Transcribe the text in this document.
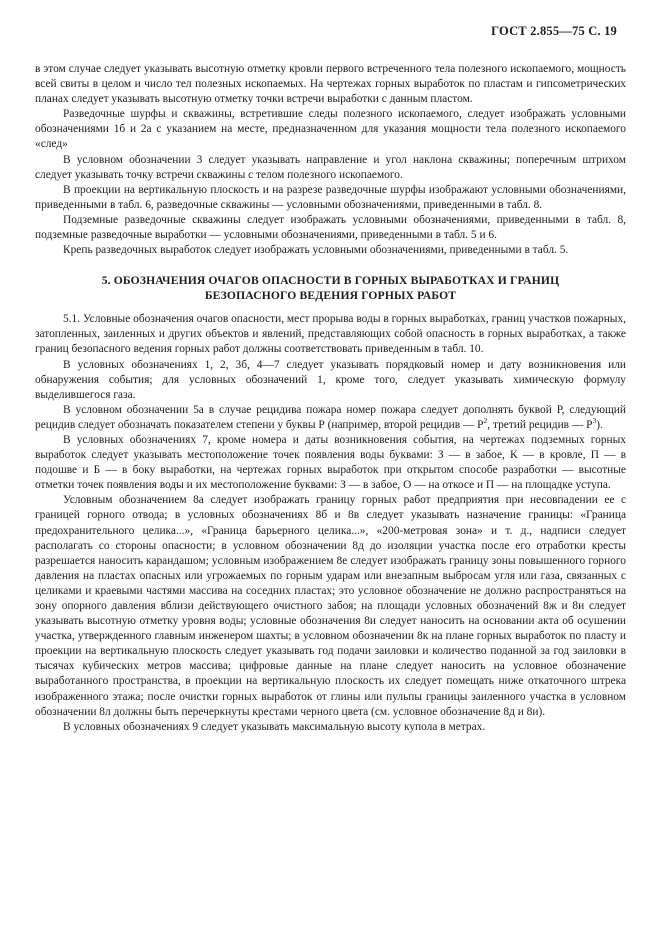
ГОСТ 2.855—75 С. 19

в этом случае следует указывать высотную отметку кровли первого встреченного тела полезного ископаемого, мощность всей свиты в целом и число тел полезных ископаемых. На чертежах горных выработок по пластам и гипсометрических планах следует указывать высотную отметку точки встречи выработки с данным пластом.

Разведочные шурфы и скважины, встретившие следы полезного ископаемого, следует изображать условными обозначениями 1б и 2а с указанием на месте, предназначенном для указания мощности тела полезного ископаемого «след»

В условном обозначении 3 следует указывать направление и угол наклона скважины; поперечным штрихом следует указывать точку встречи скважины с телом полезного ископаемого.

В проекции на вертикальную плоскость и на разрезе разведочные шурфы изображают условными обозначениями, приведенными в табл. 6, разведочные скважины — условными обозначениями, приведенными в табл. 8.

Подземные разведочные скважины следует изображать условными обозначениями, приведенными в табл. 8, подземные разведочные выработки — условными обозначениями, приведенными в табл. 5 и 6.

Крепь разведочных выработок следует изображать условными обозначениями, приведенными в табл. 5.

5. ОБОЗНАЧЕНИЯ ОЧАГОВ ОПАСНОСТИ В ГОРНЫХ ВЫРАБОТКАХ И ГРАНИЦ
БЕЗОПАСНОГО ВЕДЕНИЯ ГОРНЫХ РАБОТ

5.1. Условные обозначения очагов опасности, мест прорыва воды в горных выработках, границ участков пожарных, затопленных, заиленных и других объектов и явлений, представляющих собой опасность в горных выработках, а также границ безопасного ведения горных работ должны соответствовать приведенным в табл. 10.

В условных обозначениях 1, 2, 3б, 4—7 следует указывать порядковый номер и дату возникновения или обнаружения события; для условных обозначений 1, кроме того, следует указывать химическую формулу выделившегося газа.

В условном обозначении 5а в случае рецидива пожара номер пожара следует дополнять буквой Р, следующий рецидив следует обозначать показателем степени у буквы Р (например, второй рецидив — $Р^2$, третий рецидив — $Р^3$).

В условных обозначениях 7, кроме номера и даты возникновения события, на чертежах подземных горных выработок следует указывать местоположение точек появления воды буквами: З — в забое, К — в кровле, П — в подошве и Б — в боку выработки, на чертежах горных выработок при открытом способе разработки — высотные отметки точек появления воды и их местоположение буквами: З — в забое, О — на откосе и П — на площадке уступа.

Условным обозначением 8а следует изображать границу горных работ предприятия при несовпадении ее с границей горного отвода; в условных обозначениях 8б и 8в следует указывать назначение границы: «Граница предохранительного целика...», «Граница барьерного целика...», «200-метровая зона» и т. д., надписи следует располагать со стороны опасности; в условном обозначении 8д до изоляции участка после его отработки кресты разрешается наносить карандашом; условным изображением 8е следует изображать границу зоны повышенного горного давления на пластах опасных или угрожаемых по горным ударам или внезапным выбросам угля или газа, связанных с целиками и краевыми частями массива на соседних пластах; это условное обозначение не должно распространяться на зону опорного давления вблизи действующего очистного забоя; на площади условных обозначений 8ж и 8и следует указывать высотную отметку уровня воды; условные обозначения 8и следует наносить на основании акта об осушении участка, утвержденного главным инженером шахты; в условном обозначении 8к на плане горных выработок по пласту и проекции на вертикальную плоскость следует указывать год подачи заиловки и количество поданной за год заиловки в тысячах кубических метров массива; цифровые данные на плане следует наносить на условное обозначение выработанного пространства, в проекции на вертикальную плоскость их следует помещать ниже откаточного штрека изображенного этажа; после очистки горных выработок от глины или пульпы границы заиленного участка в условном обозначении 8л должны быть перечеркнуты крестами черного цвета (см. условное обозначение 8д и 8и).

В условных обозначениях 9 следует указывать максимальную высоту купола в метрах.
